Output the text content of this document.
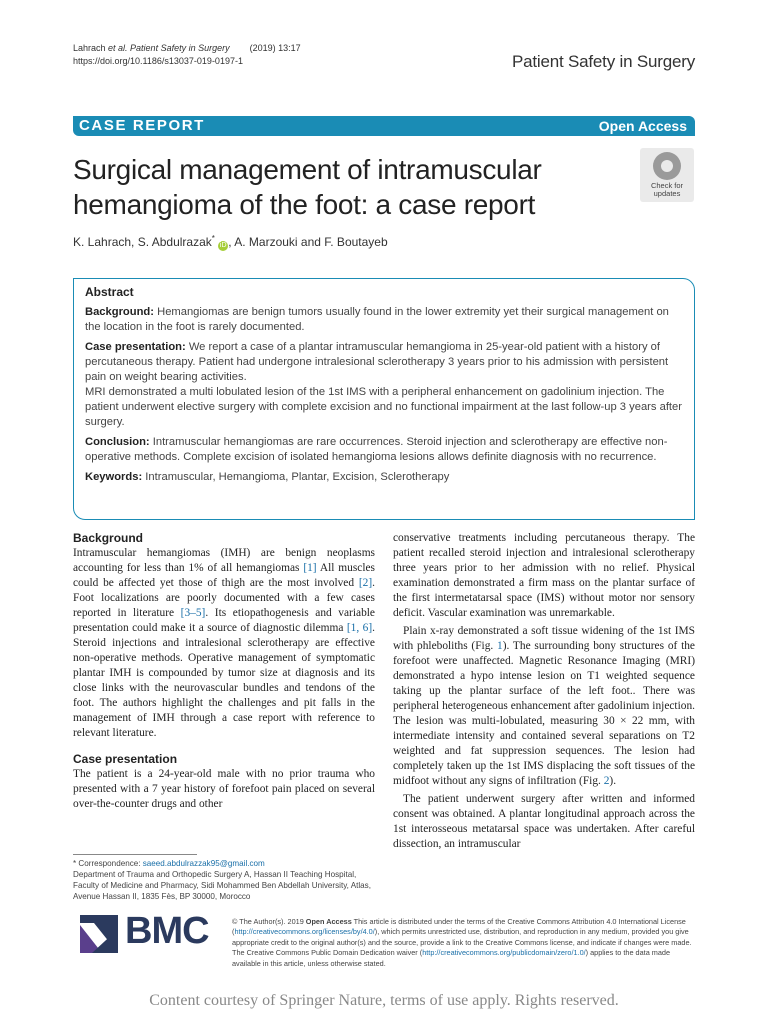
Lahrach et al. Patient Safety in Surgery (2019) 13:17
https://doi.org/10.1186/s13037-019-0197-1	Patient Safety in Surgery
CASE REPORT	Open Access
Surgical management of intramuscular hemangioma of the foot: a case report
Check for
updates
K. Lahrach, S. Abdulrazak* iD , A. Marzouki and F. Boutayeb
Abstract

Background: Hemangiomas are benign tumors usually found in the lower extremity yet their surgical management on the location in the foot is rarely documented.

Case presentation: We report a case of a plantar intramuscular hemangioma in 25-year-old patient with a history of percutaneous therapy. Patient had undergone intralesional sclerotherapy 3 years prior to his admission with persistent pain on weight bearing activities.

MRI demonstrated a multi lobulated lesion of the 1st IMS with a peripheral enhancement on gadolinium injection. The patient underwent elective surgery with complete excision and no functional impairment at the last follow-up 3 years after surgery.

Conclusion: Intramuscular hemangiomas are rare occurrences. Steroid injection and sclerotherapy are effective non-operative methods. Complete excision of isolated hemangioma lesions allows definite diagnosis with no recurrence.

Keywords: Intramuscular, Hemangioma, Plantar, Excision, Sclerotherapy

Background

Intramuscular hemangiomas (IMH) are benign neoplasms accounting for less than 1% of all hemangiomas [1] All muscles could be affected yet those of thigh are the most involved [2]. Foot localizations are poorly documented with a few cases reported in literature [3–5]. Its etiopathogenesis and variable presentation could make it a source of diagnostic dilemma [1, 6]. Steroid injections and intralesional sclerotherapy are effective non-operative methods. Operative management of symptomatic plantar IMH is compounded by tumor size at diagnosis and its close links with the neurovascular bundles and tendons of the foot. The authors highlight the challenges and pit falls in the management of IMH through a case report with reference to relevant literature.

Case presentation

The patient is a 24-year-old male with no prior trauma who presented with a 7 year history of forefoot pain placed on several over-the-counter drugs and other

conservative treatments including percutaneous therapy. The patient recalled steroid injection and intralesional sclerotherapy three years prior to her admission with no relief. Physical examination demonstrated a firm mass on the plantar surface of the first intermetatarsal space (IMS) without motor nor sensory deficit. Vascular examination was unremarkable.

Plain x-ray demonstrated a soft tissue widening of the 1st IMS with phleboliths (Fig. 1). The surrounding bony structures of the forefoot were unaffected. Magnetic Resonance Imaging (MRI) demonstrated a hypo intense lesion on T1 weighted sequence taking up the plantar surface of the left foot.. There was peripheral heterogeneous enhancement after gadolinium injection. The lesion was multi-lobulated, measuring 30 × 22 mm, with intermediate intensity and contained several separations on T2 weighted and fat suppression sequences. The lesion had completely taken up the 1st IMS displacing the soft tissues of the midfoot without any signs of infiltration (Fig. 2).

The patient underwent surgery after written and informed consent was obtained. A plantar longitudinal approach across the 1st interosseous metatarsal space was undertaken. After careful dissection, an intramuscular

* Correspondence: saeed.abdulrazzak95@gmail.com
Department of Trauma and Orthopedic Surgery A, Hassan II Teaching Hospital, Faculty of Medicine and Pharmacy, Sidi Mohammed Ben Abdellah University, Atlas, Avenue Hassan II, 1835 Fès, BP 30000, Morocco
BMC	© The Author(s). 2019 Open Access This article is distributed under the terms of the Creative Commons Attribution 4.0 International License (http://creativecommons.org/licenses/by/4.0/), which permits unrestricted use, distribution, and reproduction in any medium, provided you give appropriate credit to the original author(s) and the source, provide a link to the Creative Commons license, and indicate if changes were made. The Creative Commons Public Domain Dedication waiver (http://creativecommons.org/publicdomain/zero/1.0/) applies to the data made available in this article, unless otherwise stated.
Content courtesy of Springer Nature, terms of use apply. Rights reserved.
